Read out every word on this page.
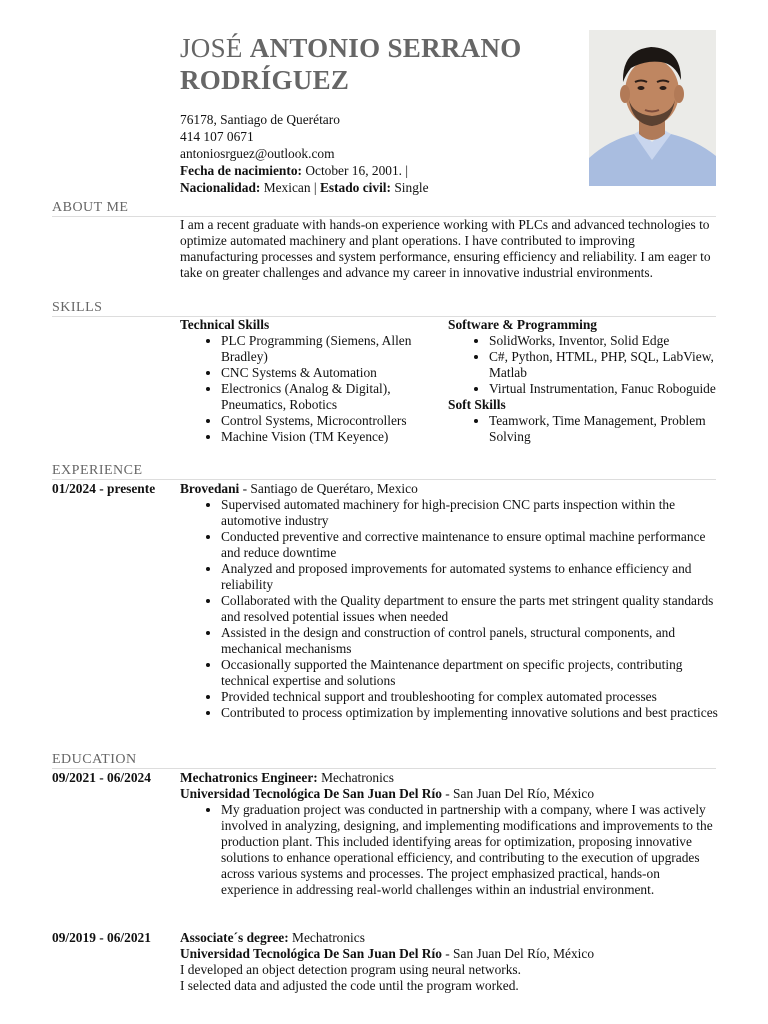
JOSÉ ANTONIO SERRANO
RODRÍGUEZ
76178, Santiago de Querétaro
414 107 0671
antoniosrguez@outlook.com
Fecha de nacimiento: October 16, 2001. |
Nacionalidad: Mexican | Estado civil: Single
ABOUT ME
I am a recent graduate with hands-on experience working with PLCs and advanced technologies to optimize automated machinery and plant operations. I have contributed to improving manufacturing processes and system performance, ensuring efficiency and reliability. I am eager to take on greater challenges and advance my career in innovative industrial environments.
SKILLS
Technical Skills
• PLC Programming (Siemens, Allen Bradley)
• CNC Systems & Automation
• Electronics (Analog & Digital), Pneumatics, Robotics
• Control Systems, Microcontrollers
• Machine Vision (TM Keyence)
Software & Programming
• SolidWorks, Inventor, Solid Edge
• C#, Python, HTML, PHP, SQL, LabView, Matlab
• Virtual Instrumentation, Fanuc Roboguide
Soft Skills
• Teamwork, Time Management, Problem Solving
EXPERIENCE
01/2024 - presente Brovedani - Santiago de Querétaro, Mexico
• Supervised automated machinery for high-precision CNC parts inspection within the automotive industry
• Conducted preventive and corrective maintenance to ensure optimal machine performance and reduce downtime
• Analyzed and proposed improvements for automated systems to enhance efficiency and reliability
• Collaborated with the Quality department to ensure the parts met stringent quality standards and resolved potential issues when needed
• Assisted in the design and construction of control panels, structural components, and mechanical mechanisms
• Occasionally supported the Maintenance department on specific projects, contributing technical expertise and solutions
• Provided technical support and troubleshooting for complex automated processes
• Contributed to process optimization by implementing innovative solutions and best practices
EDUCATION
09/2021 - 06/2024 Mechatronics Engineer: Mechatronics
Universidad Tecnológica De San Juan Del Río - San Juan Del Río, México
• My graduation project was conducted in partnership with a company, where I was actively involved in analyzing, designing, and implementing modifications and improvements to the production plant. This included identifying areas for optimization, proposing innovative solutions to enhance operational efficiency, and contributing to the execution of upgrades across various systems and processes. The project emphasized practical, hands-on experience in addressing real-world challenges within an industrial environment.
09/2019 - 06/2021 Associate´s degree: Mechatronics
Universidad Tecnológica De San Juan Del Río - San Juan Del Río, México
I developed an object detection program using neural networks.
I selected data and adjusted the code until the program worked.
